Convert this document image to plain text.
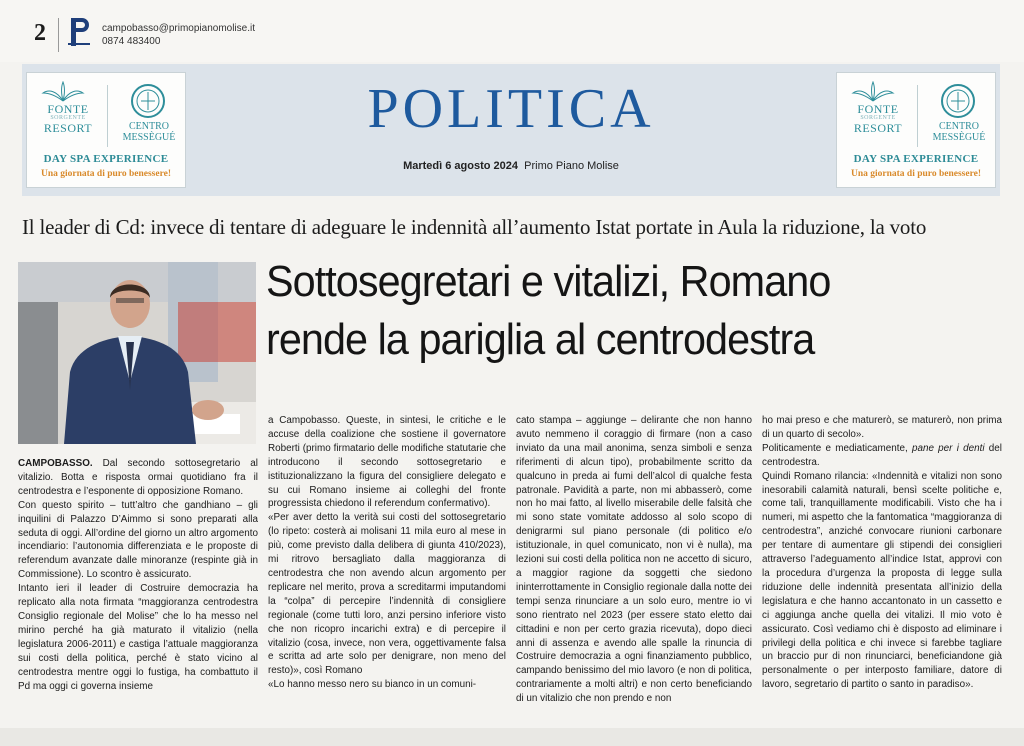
2	campobasso@primopianomolise.it
0874 483400
FONTE
SORGENTE
RESORT	CENTRO
MESSÈGUÉ
DAY SPA EXPERIENCE
Una giornata di puro benessere!
FONTE
SORGENTE
RESORT	CENTRO
MESSÈGUÉ
DAY SPA EXPERIENCE
Una giornata di puro benessere!
POLITICA
Martedì 6 agosto 2024 Primo Piano Molise
Il leader di Cd: invece di tentare di adeguare le indennità all’aumento Istat portate in Aula la riduzione, la voto
Sottosegretari e vitalizi, Romano
rende la pariglia al centrodestra

CAMPOBASSO. Dal secondo sottosegretario al vitalizio. Botta e risposta ormai quotidiano fra il centrodestra e l’esponente di opposizione Romano.

Con questo spirito – tutt’altro che gandhiano – gli inquilini di Palazzo D’Aimmo si sono preparati alla seduta di oggi. All’ordine del giorno un altro argomento incendiario: l’autonomia differenziata e le proposte di referendum avanzate dalle minoranze (respinte già in Commissione). Lo scontro è assicurato.

Intanto ieri il leader di Costruire democrazia ha replicato alla nota firmata “maggioranza centrodestra Consiglio regionale del Molise” che lo ha messo nel mirino perché ha già maturato il vitalizio (nella legislatura 2006-2011) e castiga l’attuale maggioranza sui costi della politica, perché è stato vicino al centrodestra mentre oggi lo fustiga, ha combattuto il Pd ma oggi ci governa insieme

a Campobasso. Queste, in sintesi, le critiche e le accuse della coalizione che sostiene il governatore Roberti (primo firmatario delle modifiche statutarie che introducono il secondo sottosegretario e istituzionalizzano la figura del consigliere delegato e su cui Romano insieme ai colleghi del fronte progressista chiedono il referendum confermativo).

«Per aver detto la verità sui costi del sottosegretario (lo ripeto: costerà ai molisani 11 mila euro al mese in più, come previsto dalla delibera di giunta 410/2023), mi ritrovo bersagliato dalla maggioranza di centrodestra che non avendo alcun argomento per replicare nel merito, prova a screditarmi imputandomi la “colpa” di percepire l’indennità di consigliere regionale (come tutti loro, anzi persino inferiore visto che non ricopro incarichi extra) e di percepire il vitalizio (cosa, invece, non vera, oggettivamente falsa e scritta ad arte solo per denigrare, non meno del resto)», così Romano

«Lo hanno messo nero su bianco in un comuni-

cato stampa – aggiunge – delirante che non hanno avuto nemmeno il coraggio di firmare (non a caso inviato da una mail anonima, senza simboli e senza riferimenti di alcun tipo), probabilmente scritto da qualcuno in preda ai fumi dell’alcol di qualche festa patronale. Pavidità a parte, non mi abbasserò, come non ho mai fatto, al livello miserabile delle falsità che mi sono state vomitate addosso al solo scopo di denigrarmi sul piano personale (di politico e/o istituzionale, in quel comunicato, non vi è nulla), ma lezioni sui costi della politica non ne accetto di sicuro, a maggior ragione da soggetti che siedono ininterrottamente in Consiglio regionale dalla notte dei tempi senza rinunciare a un solo euro, mentre io vi sono rientrato nel 2023 (per essere stato eletto dai cittadini e non per certo grazia ricevuta), dopo dieci anni di assenza e avendo alle spalle la rinuncia di Costruire democrazia a ogni finanziamento pubblico, campando benissimo del mio lavoro (e non di politica, contrariamente a molti altri) e non certo beneficiando di un vitalizio che non prendo e non

ho mai preso e che maturerò, se maturerò, non prima di un quarto di secolo».

Politicamente e mediaticamente, pane per i denti del centrodestra.

Quindi Romano rilancia: «Indennità e vitalizi non sono inesorabili calamità naturali, bensì scelte politiche e, come tali, tranquillamente modificabili. Visto che ha i numeri, mi aspetto che la fantomatica “maggioranza di centrodestra”, anziché convocare riunioni carbonare per tentare di aumentare gli stipendi dei consiglieri attraverso l’adeguamento all’indice Istat, approvi con la procedura d’urgenza la proposta di legge sulla riduzione delle indennità presentata all’inizio della legislatura e che hanno accantonato in un cassetto e ci aggiunga anche quella dei vitalizi. Il mio voto è assicurato. Così vediamo chi è disposto ad eliminare i privilegi della politica e chi invece si farebbe tagliare un braccio pur di non rinunciarci, beneficiandone già personalmente o per interposto familiare, datore di lavoro, segretario di partito o santo in paradiso».
